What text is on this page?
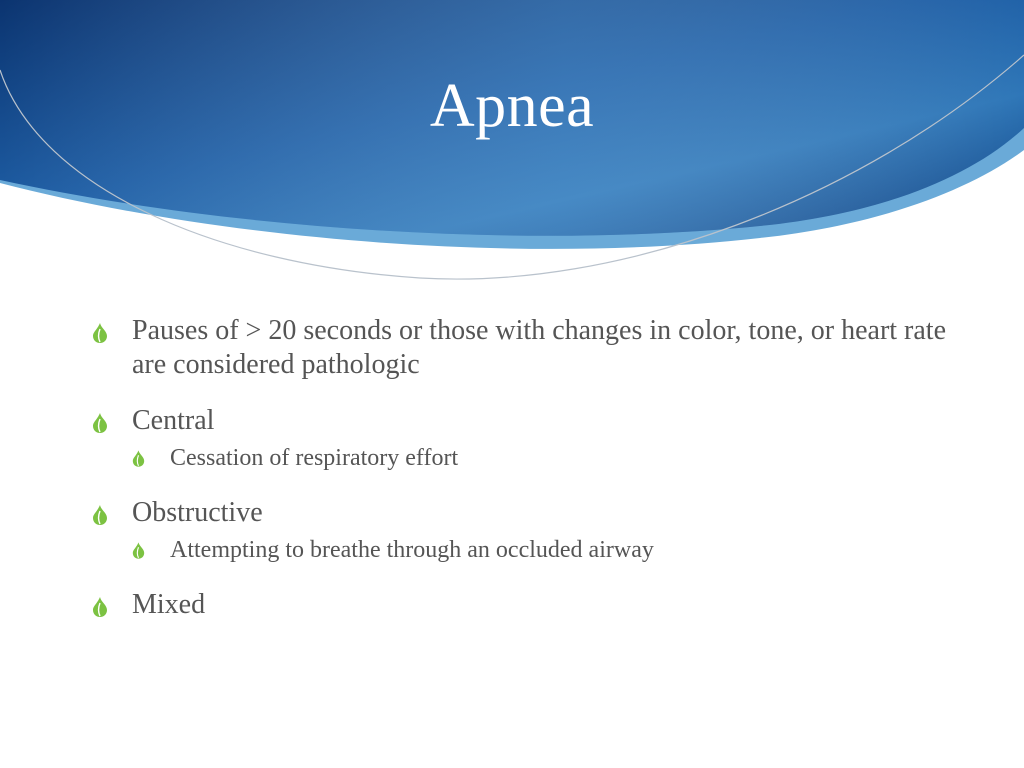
Apnea
Pauses of > 20 seconds or those with changes in color, tone, or heart rate are considered pathologic
Central
Cessation of respiratory effort
Obstructive
Attempting to breathe through an occluded airway
Mixed
